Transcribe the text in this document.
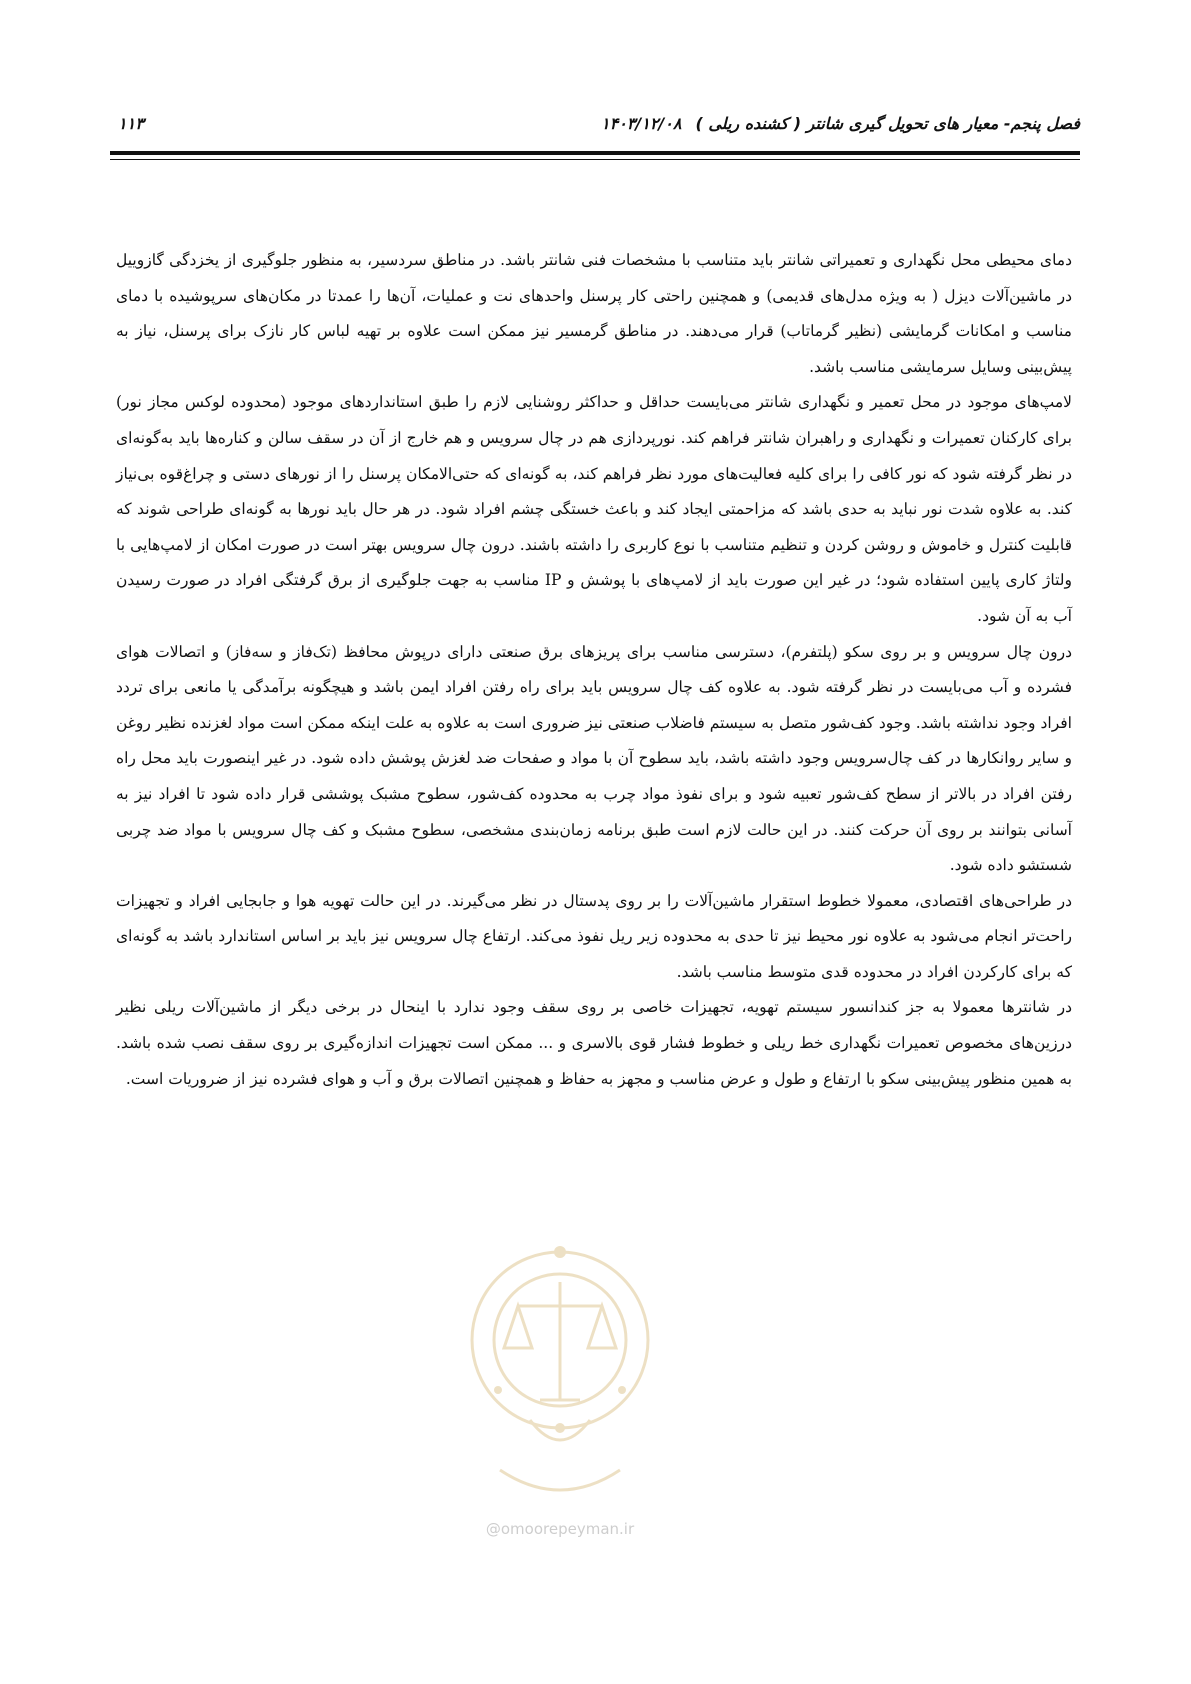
فصل پنجم- معیار های تحویل گیری شانتر ( کشنده ریلی )۱۴۰۳/۱۲/۰۸
۱۱۳

دمای محیطی محل نگهداری و تعمیراتی شانتر باید متناسب با مشخصات فنی شانتر باشد. در مناطق سردسیر، به منظور جلوگیری از یخزدگی گازوییل در ماشین‌آلات دیزل ( به ویژه مدل‌های قدیمی) و همچنین راحتی کار پرسنل واحدهای نت و عملیات، آن‌ها را عمدتا در مکان‌های سرپوشیده با دمای مناسب و امکانات گرمایشی (نظیر گرماتاب) قرار می‌دهند. در مناطق گرمسیر نیز ممکن است علاوه بر تهیه لباس کار نازک برای پرسنل، نیاز به پیش‌بینی وسایل سرمایشی مناسب باشد.

لامپ‌های موجود در محل تعمیر و نگهداری شانتر می‌بایست حداقل و حداکثر روشنایی لازم را طبق استانداردهای موجود (محدوده لوکس مجاز نور) برای کارکنان تعمیرات و نگهداری و راهبران شانتر فراهم کند. نورپردازی هم در چال سرویس و هم خارج از آن در سقف سالن و کناره‌ها باید به‌گونه‌ای در نظر گرفته شود که نور کافی را برای کلیه فعالیت‌های مورد نظر فراهم کند، به گونه‌ای که حتی‌الامکان پرسنل را از نورهای دستی و چراغ‌قوه بی‌نیاز کند. به علاوه شدت نور نباید به حدی باشد که مزاحمتی ایجاد کند و باعث خستگی چشم افراد شود. در هر حال باید نورها به گونه‌ای طراحی شوند که قابلیت کنترل و خاموش و روشن کردن و تنظیم متناسب با نوع کاربری را داشته باشند. درون چال سرویس بهتر است در صورت امکان از لامپ‌هایی با ولتاژ کاری پایین استفاده شود؛ در غیر این صورت باید از لامپ‌های با پوشش و IP مناسب به جهت جلوگیری از برق گرفتگی افراد در صورت رسیدن آب به آن شود.

درون چال سرویس و بر روی سکو (پلتفرم)، دسترسی مناسب برای پریزهای برق صنعتی دارای درپوش محافظ (تک‌فاز و سه‌فاز) و اتصالات هوای فشرده و آب می‌بایست در نظر گرفته شود. به علاوه کف چال سرویس باید برای راه رفتن افراد ایمن باشد و هیچگونه برآمدگی یا مانعی برای تردد افراد وجود نداشته باشد. وجود کف‌شور متصل به سیستم فاضلاب صنعتی نیز ضروری است به علاوه به علت اینکه ممکن است مواد لغزنده نظیر روغن و سایر روانکارها در کف چال‌سرویس وجود داشته باشد، باید سطوح آن با مواد و صفحات ضد لغزش پوشش داده شود. در غیر اینصورت باید محل راه رفتن افراد در بالاتر از سطح کف‌شور تعبیه شود و برای نفوذ مواد چرب به محدوده کف‌شور، سطوح مشبک پوششی قرار داده شود تا افراد نیز به آسانی بتوانند بر روی آن حرکت کنند. در این حالت لازم است طبق برنامه زمان‌بندی مشخصی، سطوح مشبک و کف چال سرویس با مواد ضد چربی شستشو داده شود.

در طراحی‌های اقتصادی، معمولا خطوط استقرار ماشین‌آلات را بر روی پدستال در نظر می‌گیرند. در این حالت تهویه هوا و جابجایی افراد و تجهیزات راحت‌تر انجام می‌شود به علاوه نور محیط نیز تا حدی به محدوده زیر ریل نفوذ می‌کند. ارتفاع چال سرویس نیز باید بر اساس استاندارد باشد به گونه‌ای که برای کارکردن افراد در محدوده قدی متوسط مناسب باشد.

در شانترها معمولا به جز کندانسور سیستم تهویه، تجهیزات خاصی بر روی سقف وجود ندارد با اینحال در برخی دیگر از ماشین‌آلات ریلی نظیر درزین‌های مخصوص تعمیرات نگهداری خط ریلی و خطوط فشار قوی بالاسری و ... ممکن است تجهیزات اندازه‌گیری بر روی سقف نصب شده باشد. به همین منظور پیش‌بینی سکو با ارتفاع و طول و عرض مناسب و مجهز به حفاظ و همچنین اتصالات برق و آب و هوای فشرده نیز از ضروریات است.

@omoorepeyman.ir
